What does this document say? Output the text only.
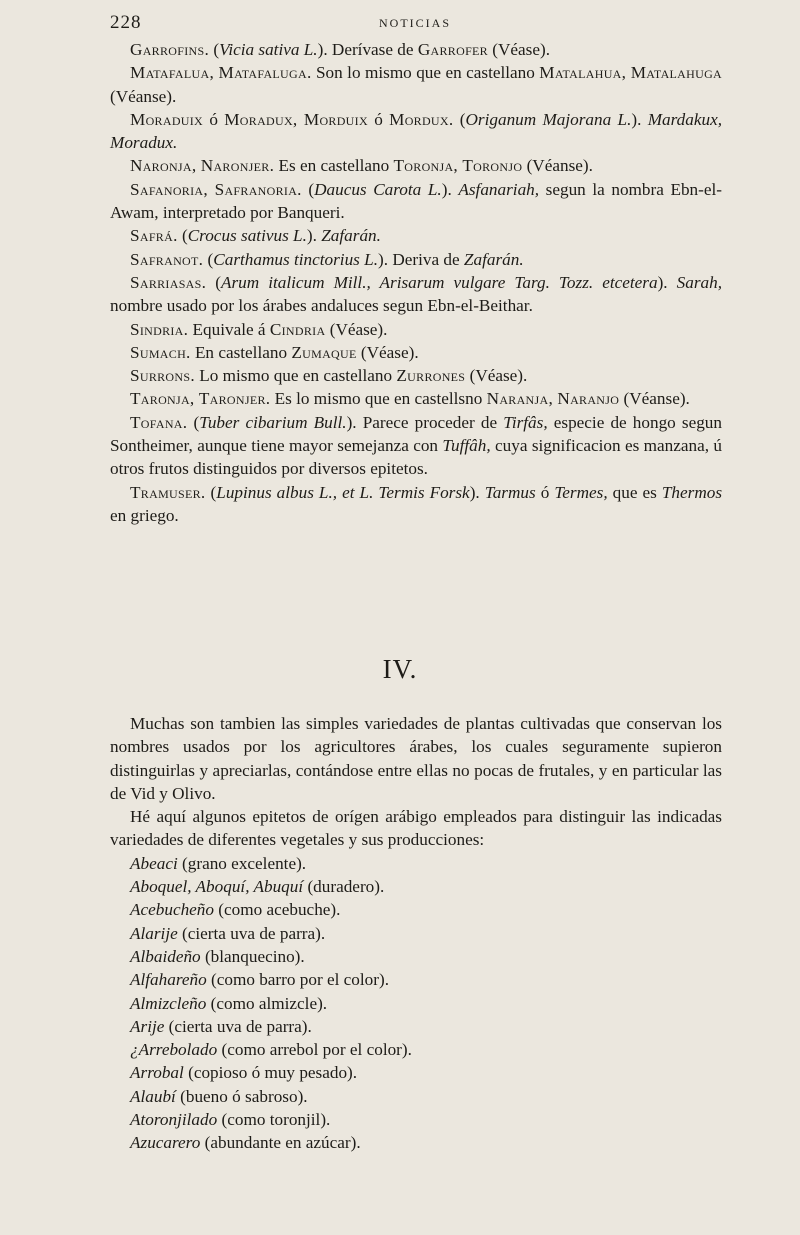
228	NOTICIAS

Garrofins. (Vicia sativa L.). Derívase de Garrofer (Véase).

Matafalua, Matafaluga. Son lo mismo que en castellano Matalahua, Matalahuga (Véanse).

Moraduix ó Moradux, Morduix ó Mordux. (Origanum Majorana L.). Mardakux, Moradux.

Naronja, Naronjer. Es en castellano Toronja, Toronjo (Véanse).

Safanoria, Safranoria. (Daucus Carota L.). Asfanariah, segun la nombra Ebn-el-Awam, interpretado por Banqueri.

Safrá. (Crocus sativus L.). Zafarán.

Safranot. (Carthamus tinctorius L.). Deriva de Zafarán.

Sarriasas. (Arum italicum Mill., Arisarum vulgare Targ. Tozz. etcetera). Sarah, nombre usado por los árabes andaluces segun Ebn-el-Beithar.

Sindria. Equivale á Cindria (Véase).

Sumach. En castellano Zumaque (Véase).

Surrons. Lo mismo que en castellano Zurrones (Véase).

Taronja, Taronjer. Es lo mismo que en castellsno Naranja, Naranjo (Véanse).

Tofana. (Tuber cibarium Bull.). Parece proceder de Tirfâs, especie de hongo segun Sontheimer, aunque tiene mayor semejanza con Tuffâh, cuya significacion es manzana, ú otros frutos distinguidos por diversos epitetos.

Tramuser. (Lupinus albus L., et L. Termis Forsk). Tarmus ó Termes, que es Thermos en griego.

IV.

Muchas son tambien las simples variedades de plantas cultivadas que conservan los nombres usados por los agricultores árabes, los cuales seguramente supieron distinguirlas y apreciarlas, contándose entre ellas no pocas de frutales, y en particular las de Vid y Olivo.

Hé aquí algunos epitetos de orígen arábigo empleados para distinguir las indicadas variedades de diferentes vegetales y sus producciones:

Abeaci (grano excelente).
Aboquel, Aboquí, Abuquí (duradero).
Acebucheño (como acebuche).
Alarije (cierta uva de parra).
Albaideño (blanquecino).
Alfahareño (como barro por el color).
Almizcleño (como almizcle).
Arije (cierta uva de parra).
¿Arrebolado (como arrebol por el color).
Arrobal (copioso ó muy pesado).
Alaubí (bueno ó sabroso).
Atoronjilado (como toronjil).
Azucarero (abundante en azúcar).
